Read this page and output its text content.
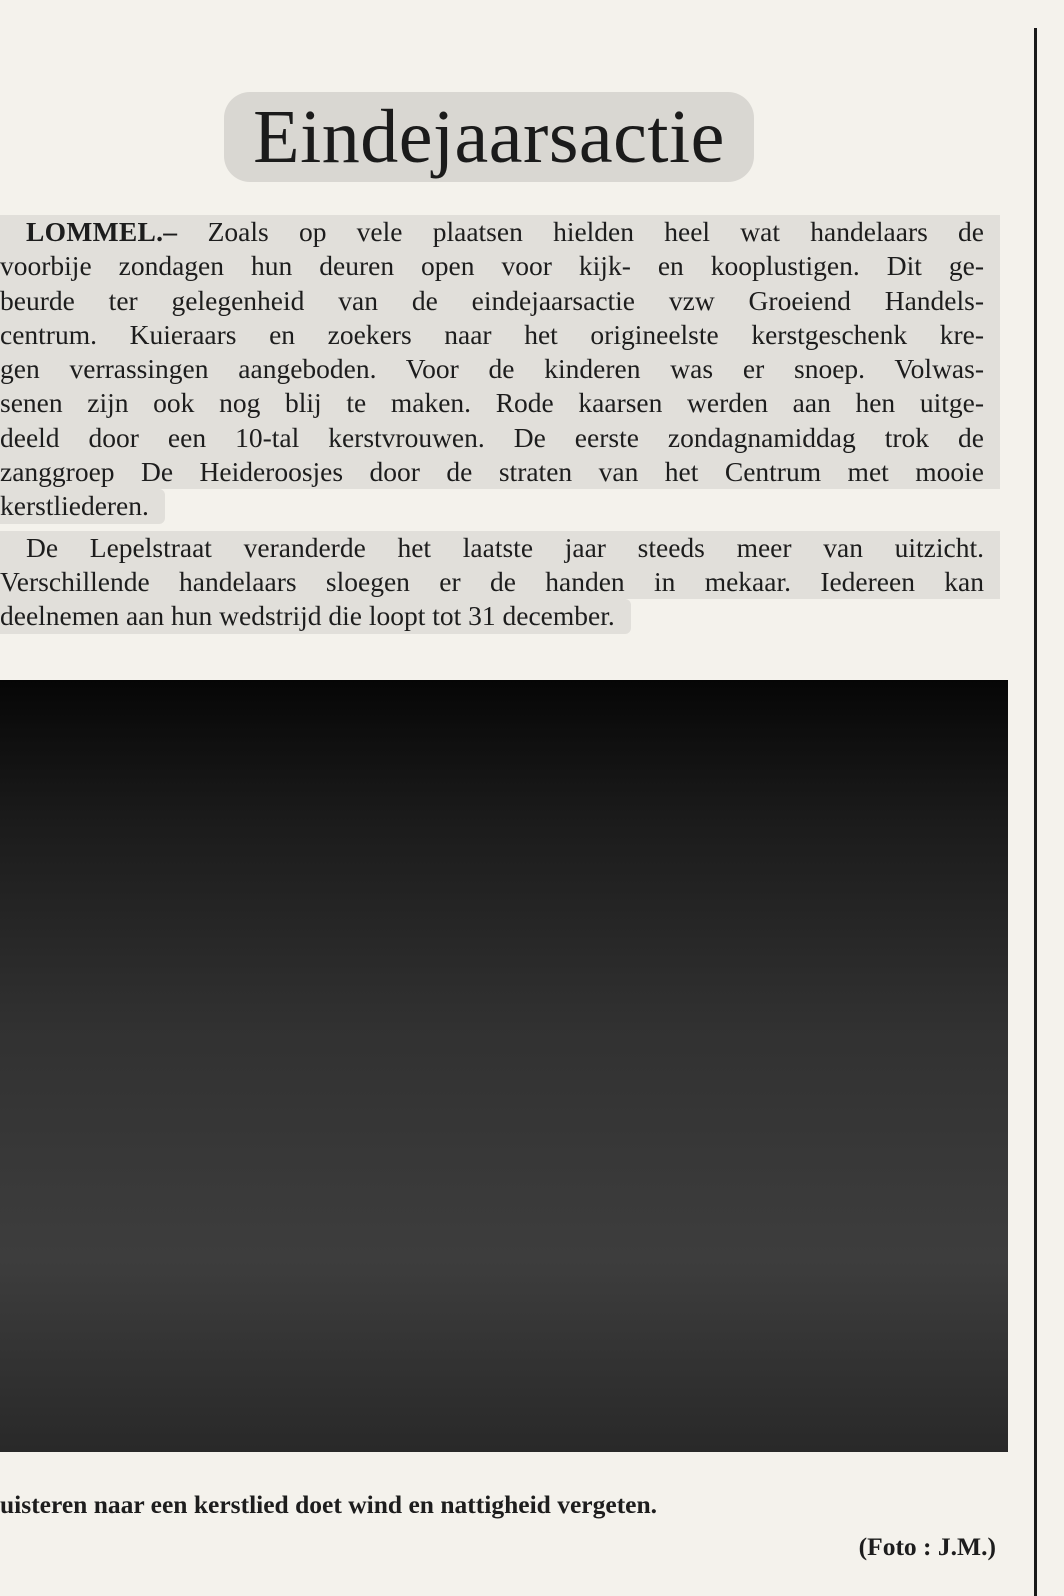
Eindejaarsactie
LOMMEL.– Zoals op vele plaatsen hielden heel wat handelaars de
voorbije zondagen hun deuren open voor kijk- en kooplustigen. Dit ge-
beurde ter gelegenheid van de eindejaarsactie vzw Groeiend Handels-
centrum. Kuieraars en zoekers naar het origineelste kerstgeschenk kre-
gen verrassingen aangeboden. Voor de kinderen was er snoep. Volwas-
senen zijn ook nog blij te maken. Rode kaarsen werden aan hen uitge-
deeld door een 10-tal kerstvrouwen. De eerste zondagnamiddag trok de
zanggroep De Heideroosjes door de straten van het Centrum met mooie
kerstliederen.
De Lepelstraat veranderde het laatste jaar steeds meer van uitzicht.
Verschillende handelaars sloegen er de handen in mekaar. Iedereen kan
deelnemen aan hun wedstrijd die loopt tot 31 december.
uisteren naar een kerstlied doet wind en nattigheid vergeten.
(Foto : J.M.)
